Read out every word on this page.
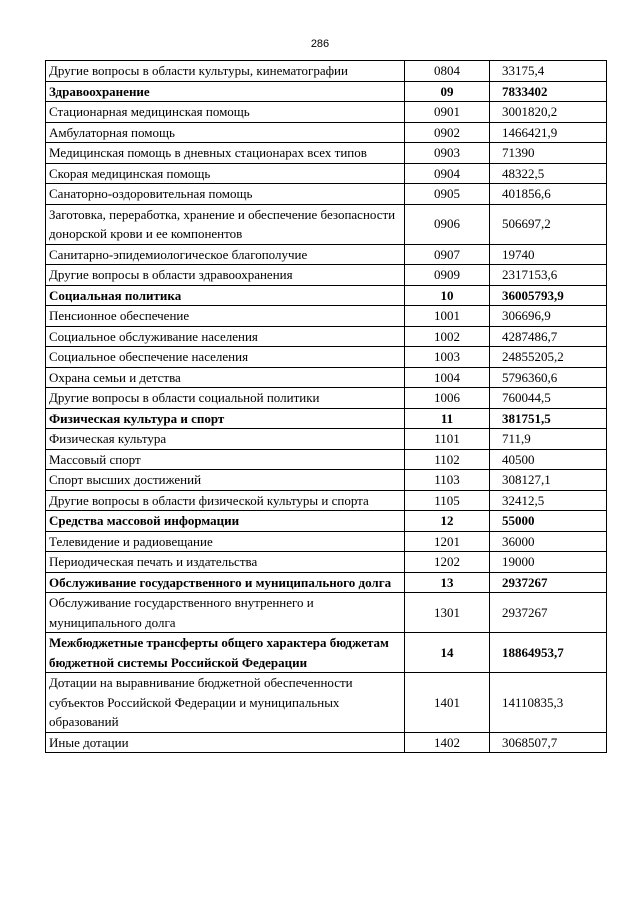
286
Другие вопросы в области культуры, кинематографии	0804	33175,4
Здравоохранение	09	7833402
Стационарная медицинская помощь	0901	3001820,2
Амбулаторная помощь	0902	1466421,9
Медицинская помощь в дневных стационарах всех типов	0903	71390
Скорая медицинская помощь	0904	48322,5
Санаторно-оздоровительная помощь	0905	401856,6
Заготовка, переработка, хранение и обеспечение безопасности донорской крови и ее компонентов	0906	506697,2
Санитарно-эпидемиологическое благополучие	0907	19740
Другие вопросы в области здравоохранения	0909	2317153,6
Социальная политика	10	36005793,9
Пенсионное обеспечение	1001	306696,9
Социальное обслуживание населения	1002	4287486,7
Социальное обеспечение населения	1003	24855205,2
Охрана семьи и детства	1004	5796360,6
Другие вопросы в области социальной политики	1006	760044,5
Физическая культура и спорт	11	381751,5
Физическая культура	1101	711,9
Массовый спорт	1102	40500
Спорт высших достижений	1103	308127,1
Другие вопросы в области физической культуры и спорта	1105	32412,5
Средства массовой информации	12	55000
Телевидение и радиовещание	1201	36000
Периодическая печать и издательства	1202	19000
Обслуживание государственного и муниципального долга	13	2937267
Обслуживание государственного внутреннего и муниципального долга	1301	2937267
Межбюджетные трансферты общего характера бюджетам бюджетной системы Российской Федерации	14	18864953,7
Дотации на выравнивание бюджетной обеспеченности субъектов Российской Федерации и муниципальных образований	1401	14110835,3
Иные дотации	1402	3068507,7
